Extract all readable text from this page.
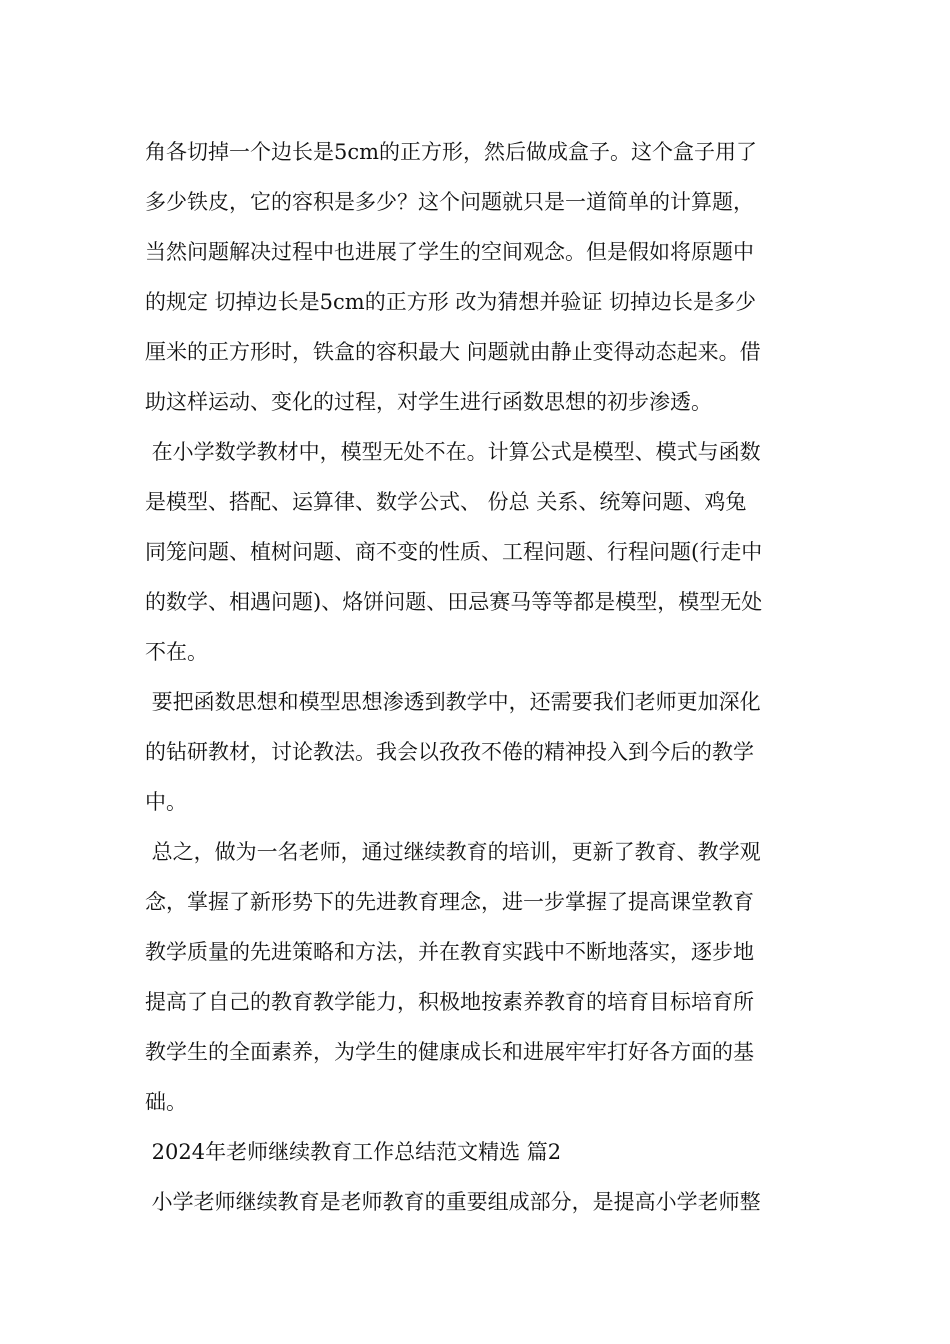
角各切掉一个边长是5cm的正方形，然后做成盒子。这个盒子用了

多少铁皮，它的容积是多少？这个问题就只是一道简单的计算题，

当然问题解决过程中也进展了学生的空间观念。但是假如将原题中

的规定 切掉边长是5cm的正方形 改为猜想并验证 切掉边长是多少

厘米的正方形时，铁盒的容积最大 问题就由静止变得动态起来。借

助这样运动、变化的过程，对学生进行函数思想的初步渗透。

在小学数学教材中，模型无处不在。计算公式是模型、模式与函数

是模型、搭配、运算律、数学公式、 份总 关系、统筹问题、鸡兔

同笼问题、植树问题、商不变的性质、工程问题、行程问题(行走中

的数学、相遇问题)、烙饼问题、田忌赛马等等都是模型，模型无处

不在。

要把函数思想和模型思想渗透到教学中，还需要我们老师更加深化

的钻研教材，讨论教法。我会以孜孜不倦的精神投入到今后的教学

中。

总之，做为一名老师，通过继续教育的培训，更新了教育、教学观

念，掌握了新形势下的先进教育理念，进一步掌握了提高课堂教育

教学质量的先进策略和方法，并在教育实践中不断地落实，逐步地

提高了自己的教育教学能力，积极地按素养教育的培育目标培育所

教学生的全面素养，为学生的健康成长和进展牢牢打好各方面的基

础。

2024年老师继续教育工作总结范文精选 篇2

小学老师继续教育是老师教育的重要组成部分，是提高小学老师整
